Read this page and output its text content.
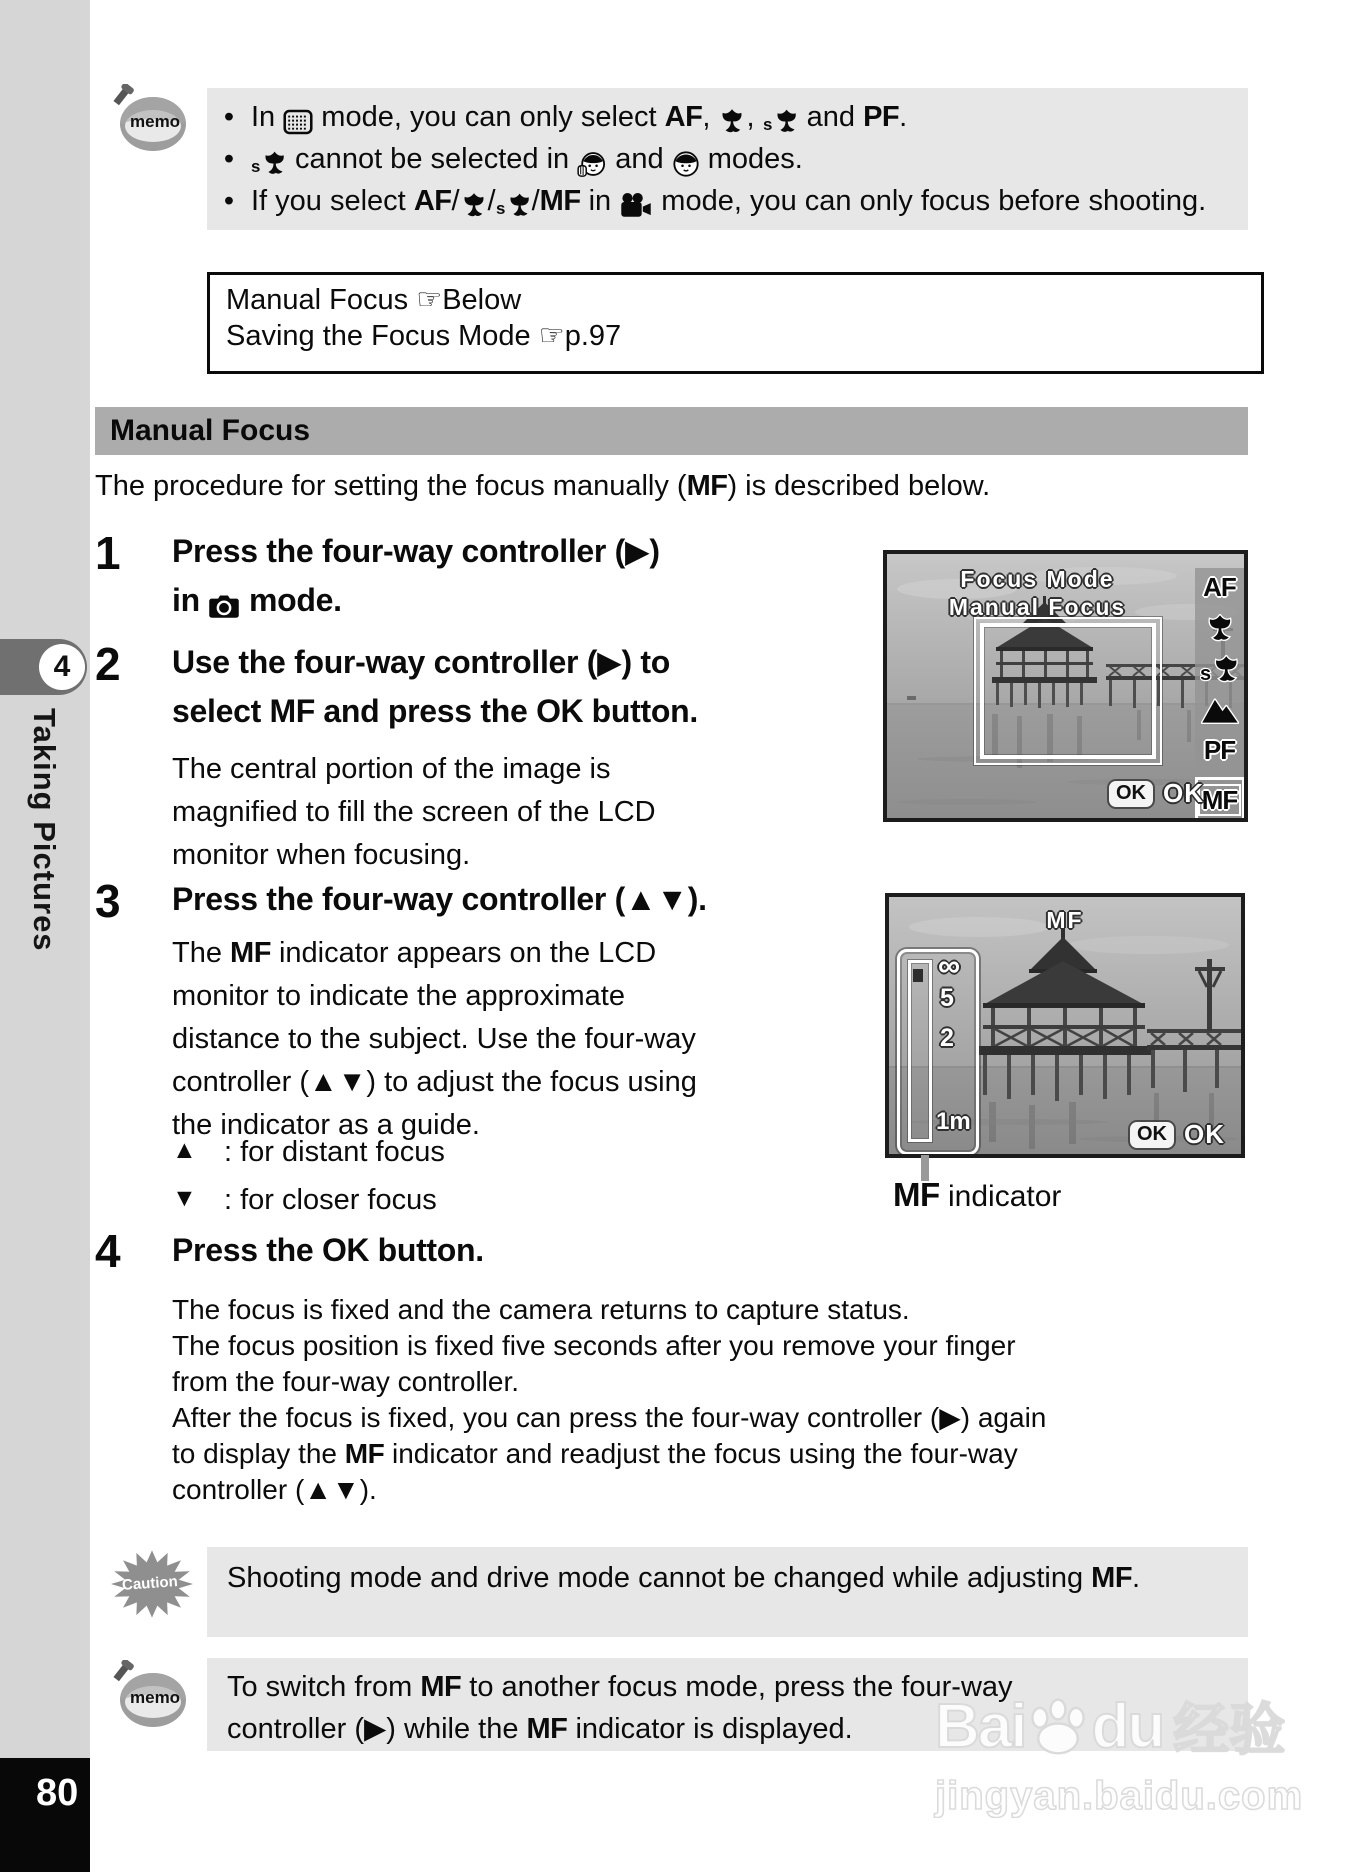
4
Taking Pictures
80
memo	• In  mode, you can only select AF, , s and PF.
•	s cannot be selected in  and  modes.
• If you select AF/ / s /MF in  mode, you can only focus before shooting.
Manual Focus ☞Below
Saving the Focus Mode ☞p.97
Manual Focus
The procedure for setting the focus manually (MF) is described below.
1	Press the four-way controller (▶)
in  mode.
2	Use the four-way controller (▶) to
select MF and press the OK button.
The central portion of the image is
magnified to fill the screen of the LCD
monitor when focusing.
3	Press the four-way controller (▲▼).
The MF indicator appears on the LCD
monitor to indicate the approximate
distance to the subject. Use the four-way
controller (▲▼) to adjust the focus using
the indicator as a guide.
▲ : for distant focus
▼ : for closer focus
4	Press the OK button.
The focus is fixed and the camera returns to capture status.
The focus position is fixed five seconds after you remove your finger
from the four-way controller.
After the focus is fixed, you can press the four-way controller (▶) again
to display the MF indicator and readjust the focus using the four-way
controller (▲▼).
Focus Mode
Manual Focus
AF
s
PF
MF
OK OK
MF
∞
5
2
1m	OK OK
MF indicator
Caution	Shooting mode and drive mode cannot be changed while adjusting MF.
memo	To switch from MF to another focus mode, press the four-way
controller (▶) while the MF indicator is displayed.	Bai du 经验
jingyan.baidu.com
